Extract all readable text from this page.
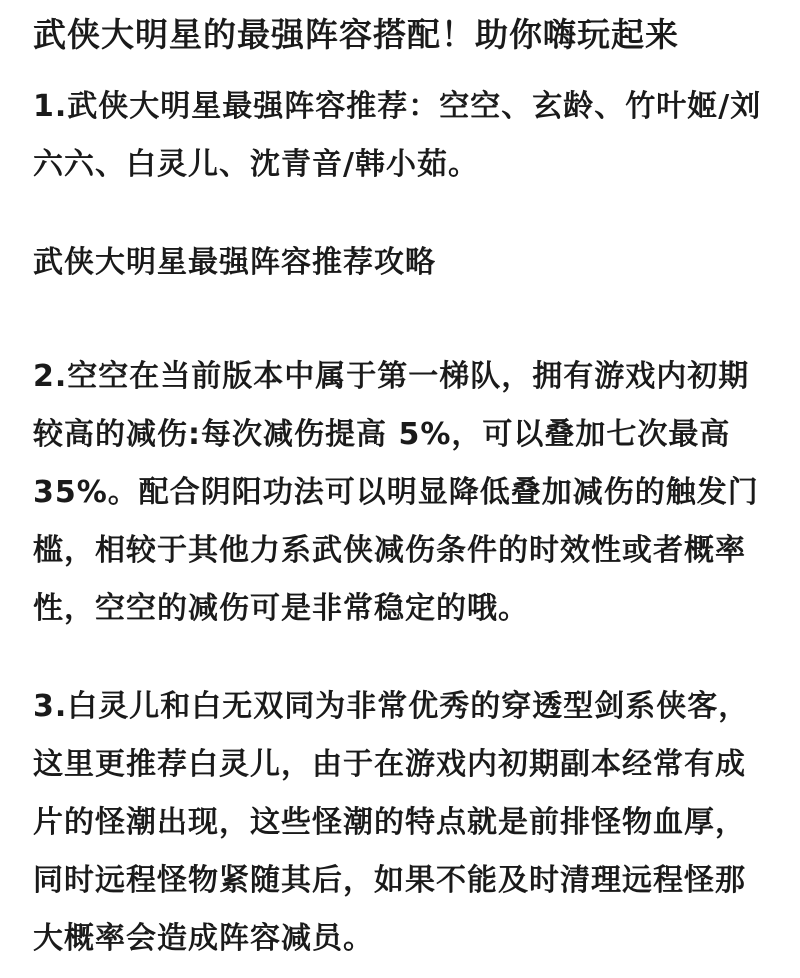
武侠大明星的最强阵容搭配！助你嗨玩起来

1.武侠大明星最强阵容推荐：空空、玄龄、竹叶姬/刘六六、白灵儿、沈青音/韩小茹。

武侠大明星最强阵容推荐攻略

2.空空在当前版本中属于第一梯队，拥有游戏内初期较高的减伤:每次减伤提高 5%，可以叠加七次最高 35%。配合阴阳功法可以明显降低叠加减伤的触发门槛，相较于其他力系武侠减伤条件的时效性或者概率性，空空的减伤可是非常稳定的哦。

3.白灵儿和白无双同为非常优秀的穿透型剑系侠客，这里更推荐白灵儿，由于在游戏内初期副本经常有成片的怪潮出现，这些怪潮的特点就是前排怪物血厚，同时远程怪物紧随其后，如果不能及时清理远程怪那大概率会造成阵容减员。
